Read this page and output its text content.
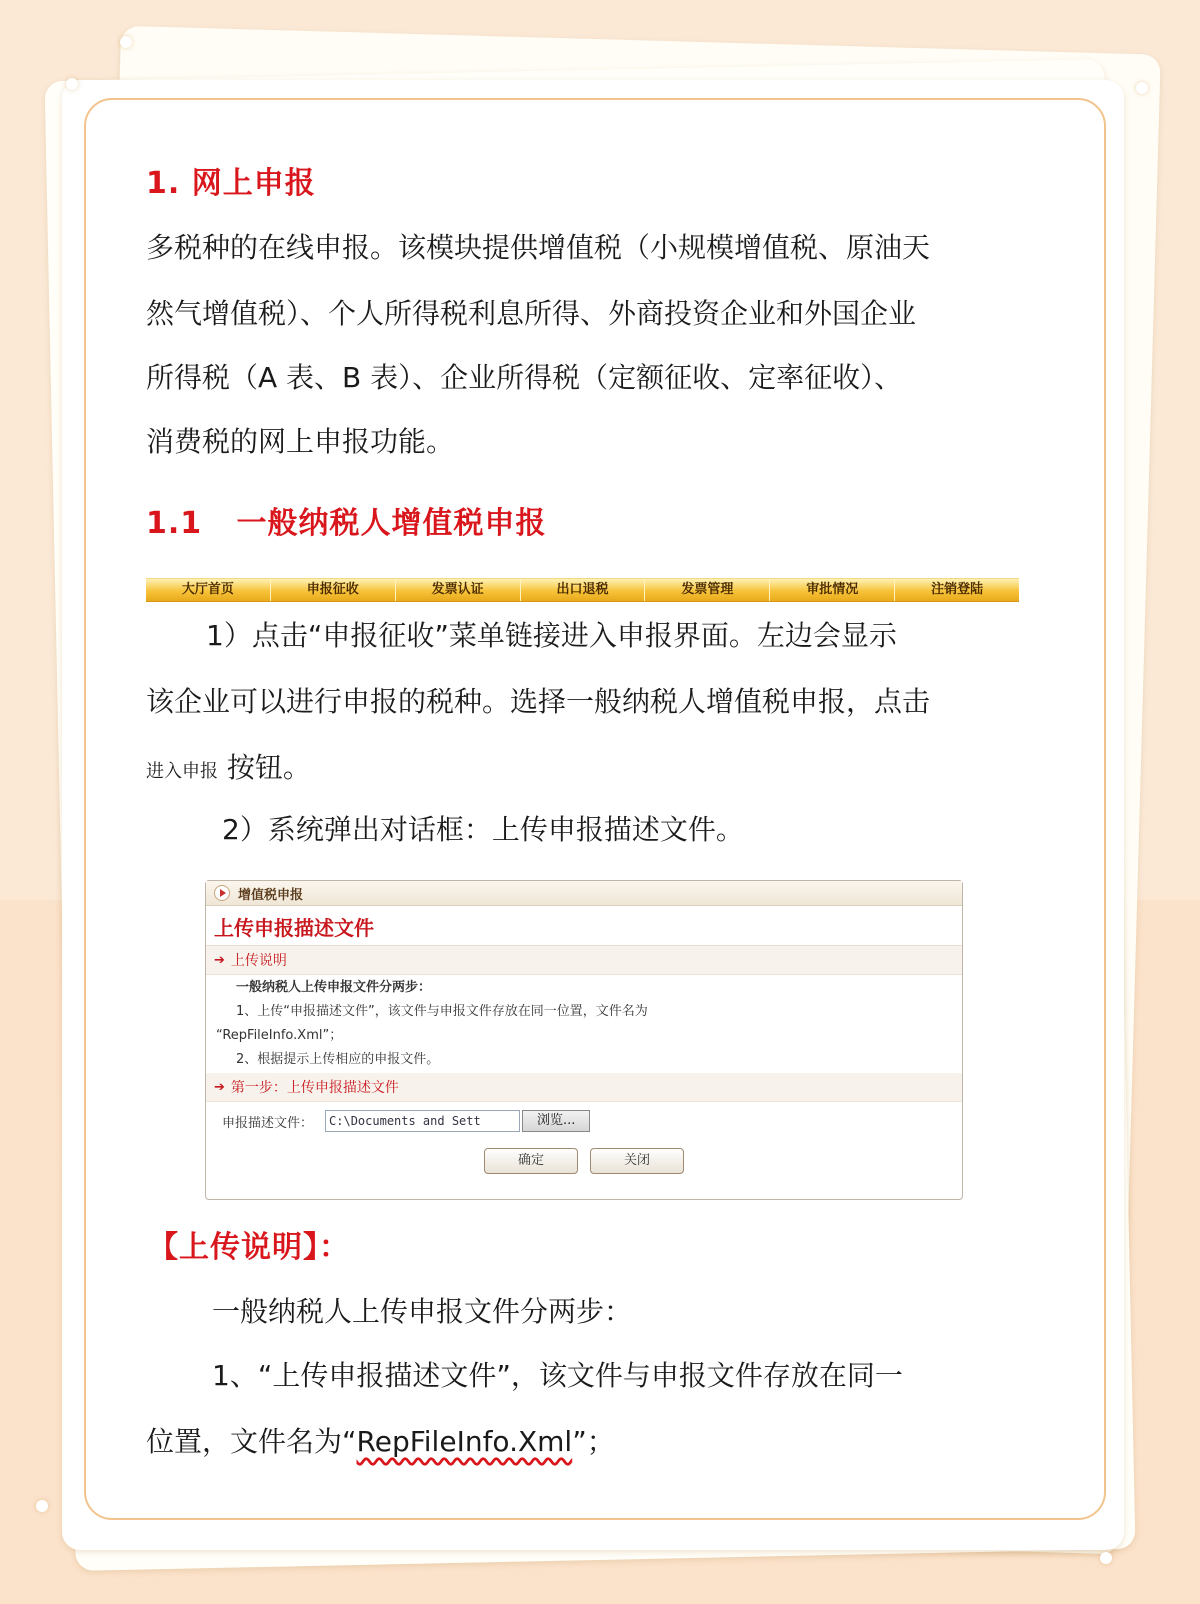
1. 网上申报
多税种的在线申报。该模块提供增值税（小规模增值税、原油天
然气增值税）、个人所得税利息所得、外商投资企业和外国企业
所得税（A 表、B 表）、企业所得税（定额征收、定率征收）、
消费税的网上申报功能。
1.1   一般纳税人增值税申报
大厅首页	申报征收	发票认证	出口退税	发票管理	审批情况	注销登陆
1）点击“申报征收”菜单链接进入申报界面。左边会显示
该企业可以进行申报的税种。选择一般纳税人增值税申报，点击
进入申报 按钮。
2）系统弹出对话框：上传申报描述文件。
增值税申报
上传申报描述文件
➔ 上传说明
一般纳税人上传申报文件分两步：
1、上传“申报描述文件”，该文件与申报文件存放在同一位置，文件名为
“RepFileInfo.Xml”；
2、根据提示上传相应的申报文件。
➔ 第一步：上传申报描述文件
申报描述文件：	C:\Documents and Sett	浏览...
确定	关闭
【上传说明】：
一般纳税人上传申报文件分两步：
1、“上传申报描述文件”，该文件与申报文件存放在同一
位置，文件名为“RepFileInfo.Xml”；
